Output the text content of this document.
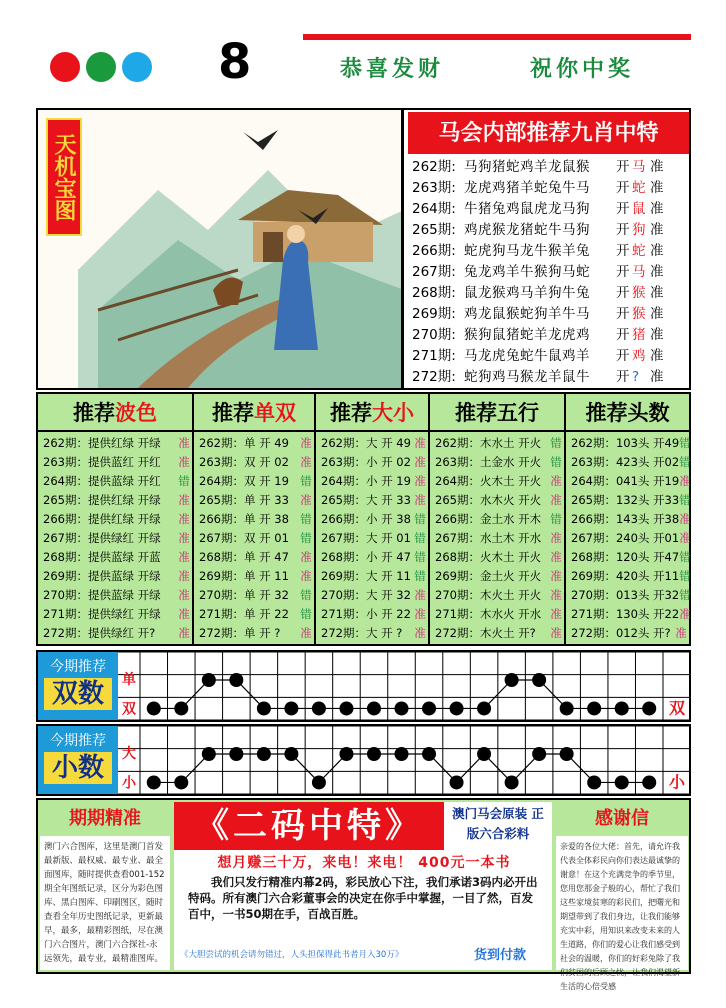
8	恭喜发财	祝你中奖
天机宝图	马会内部推荐九肖中特
262期: 马狗猪蛇鸡羊龙鼠猴	开 马 准
263期: 龙虎鸡猪羊蛇兔牛马	开 蛇 准
264期: 牛猪兔鸡鼠虎龙马狗	开 鼠 准
265期: 鸡虎猴龙猪蛇牛马狗	开 狗 准
266期: 蛇虎狗马龙牛猴羊兔	开 蛇 准
267期: 兔龙鸡羊牛猴狗马蛇	开 马 准
268期: 鼠龙猴鸡马羊狗牛兔	开 猴 准
269期: 鸡龙鼠猴蛇狗羊牛马	开 猴 准
270期: 猴狗鼠猪蛇羊龙虎鸡	开 猪 准
271期: 马龙虎兔蛇牛鼠鸡羊	开 鸡 准
272期: 蛇狗鸡马猴龙羊鼠牛	开 ? 准
推荐波色
262期：提供红绿 开绿	准
263期：提供蓝红 开红	准
264期：提供蓝绿 开红	错
265期：提供红绿 开绿	准
266期：提供红绿 开绿	准
267期：提供绿红 开绿	准
268期：提供蓝绿 开蓝	准
269期：提供蓝绿 开绿	准
270期：提供蓝绿 开绿	准
271期：提供绿红 开绿	准
272期：提供绿红 开?	准
推荐单双
262期：单 开 49 准
263期：双 开 02 准
264期：双 开 19 错
265期：单 开 33 准
266期：单 开 38 错
267期：双 开 01 错
268期：单 开 47 准
269期：单 开 11 准
270期：单 开 32 错
271期：单 开 22 错
272期：单 开 ?	准
推荐大小
262期：大 开 49 准
263期：小 开 02 准
264期：小 开 19 准
265期：大 开 33 准
266期：小 开 38 错
267期：大 开 01 错
268期：小 开 47 错
269期：大 开 11 错
270期：大 开 32 准
271期：小 开 22 准
272期：大 开 ?	准
推荐五行
262期：木水土 开火 错
263期：土金水 开火 错
264期：火木土 开火 准
265期：水木火 开火 准
266期：金土水 开木 错
267期：水土木 开水 准
268期：火木土 开火 准
269期：金土火 开火 准
270期：木火土 开火 准
271期：木水火 开水 准
272期：木火土 开?	准
推荐头数
262期：103头 开49 错
263期：423头 开02 错
264期：041头 开19 准
265期：132头 开33 错
266期：143头 开38 准
267期：240头 开01 准
268期：120头 开47 错
269期：420头 开11 错
270期：013头 开32 错
271期：130头 开22 准
272期：012头 开? 准
今期推荐
双数	单
双	双
今期推荐
小数	大
小	小
期期精准
澳门六合图库，这里是澳门首发最新版、最权威、最专业、最全面图库，随时提供查看001-152期全年图纸记录，区分为彩色图库、黑白图库、印刷图区，随时查看全年历史图纸记录，更新最早，最多，最精彩图纸，尽在澳门六合图片，澳门六合探社-永远领先，最专业，最精准图库。
《二码中特》	澳门马会原装 正版六合彩料
想月赚三十万，来电！来电！ 400元一本书
我们只发行精准内幕2码，彩民放心下注，我们承诺3码内必开出特码。所有澳门六合彩董事会的决定在你手中掌握，一目了然，百发百中，一书50期在手，百战百胜。
《大胆尝试的机会请勿错过，人头担保得此书者月入30万》	货到付款
感谢信
亲爱的各位大佬：首先，请允许我代表全体彩民向你们表达最诚挚的谢意！在这个充满竞争的季节里，您用您那金子般的心，帮忙了我们这些家境贫寒的彩民们，把曙光和期望带到了我们身边，让我们能够充实中彩，用知识来改变未来的人生道路，你们的爱心让我们感受到社会的温暖，你们的好彩兔除了我们贫困的后顾之忧，让我们渴望新生活的心倍受感
